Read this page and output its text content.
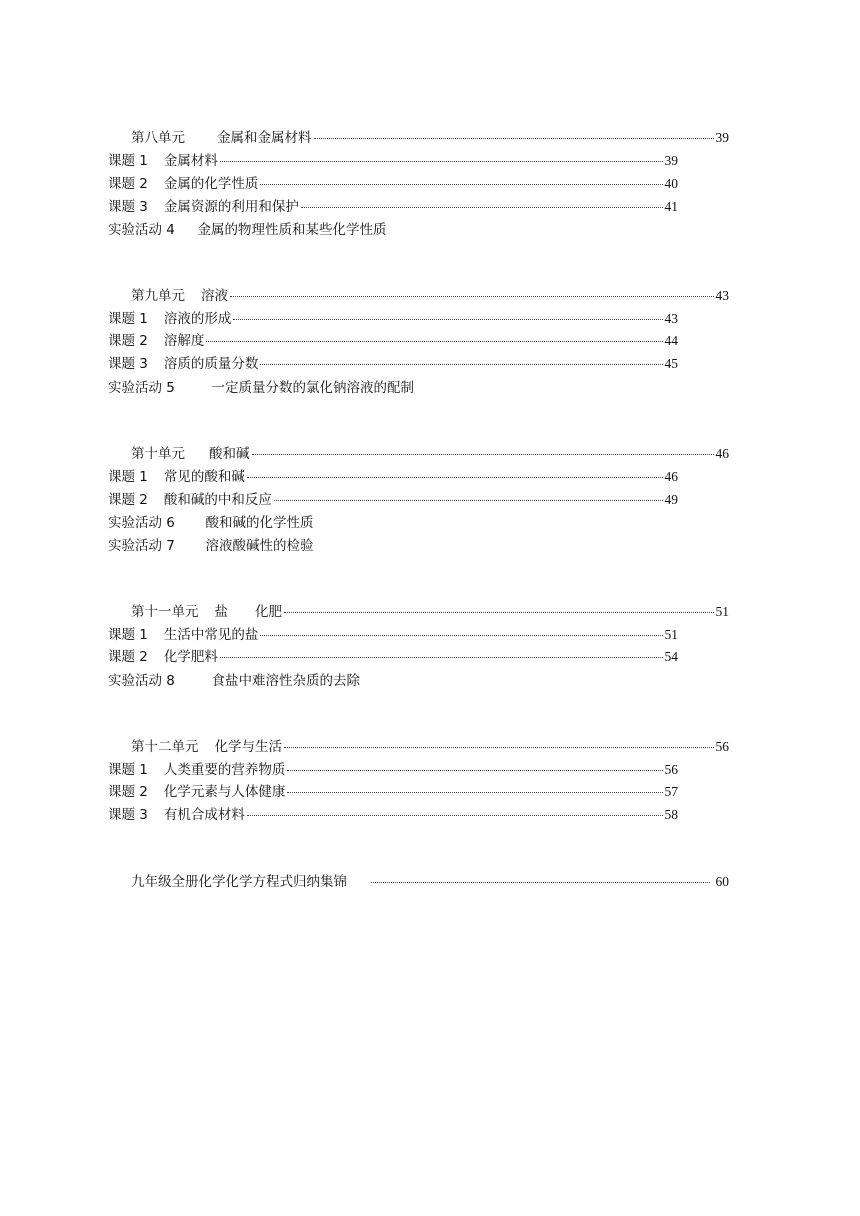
第八单元 金属和金属材料	39
课题 1 金属材料	39
课题 2 金属的化学性质	40
课题 3 金属资源的利用和保护	41
实验活动 4 金属的物理性质和某些化学性质
第九单元 溶液	43
课题 1 溶液的形成	43
课题 2 溶解度	44
课题 3 溶质的质量分数	45
实验活动 5	一定质量分数的氯化钠溶液的配制
第十单元 酸和碱	46
课题 1 常见的酸和碱	46
课题 2 酸和碱的中和反应	49
实验活动 6 酸和碱的化学性质
实验活动 7 溶液酸碱性的检验
第十一单元 盐　　化肥	51
课题 1 生活中常见的盐	51
课题 2 化学肥料	54
实验活动 8	食盐中难溶性杂质的去除
第十二单元 化学与生活	56
课题 1 人类重要的营养物质	56
课题 2 化学元素与人体健康	57
课题 3 有机合成材料	58
九年级全册化学化学方程式归纳集锦	60
